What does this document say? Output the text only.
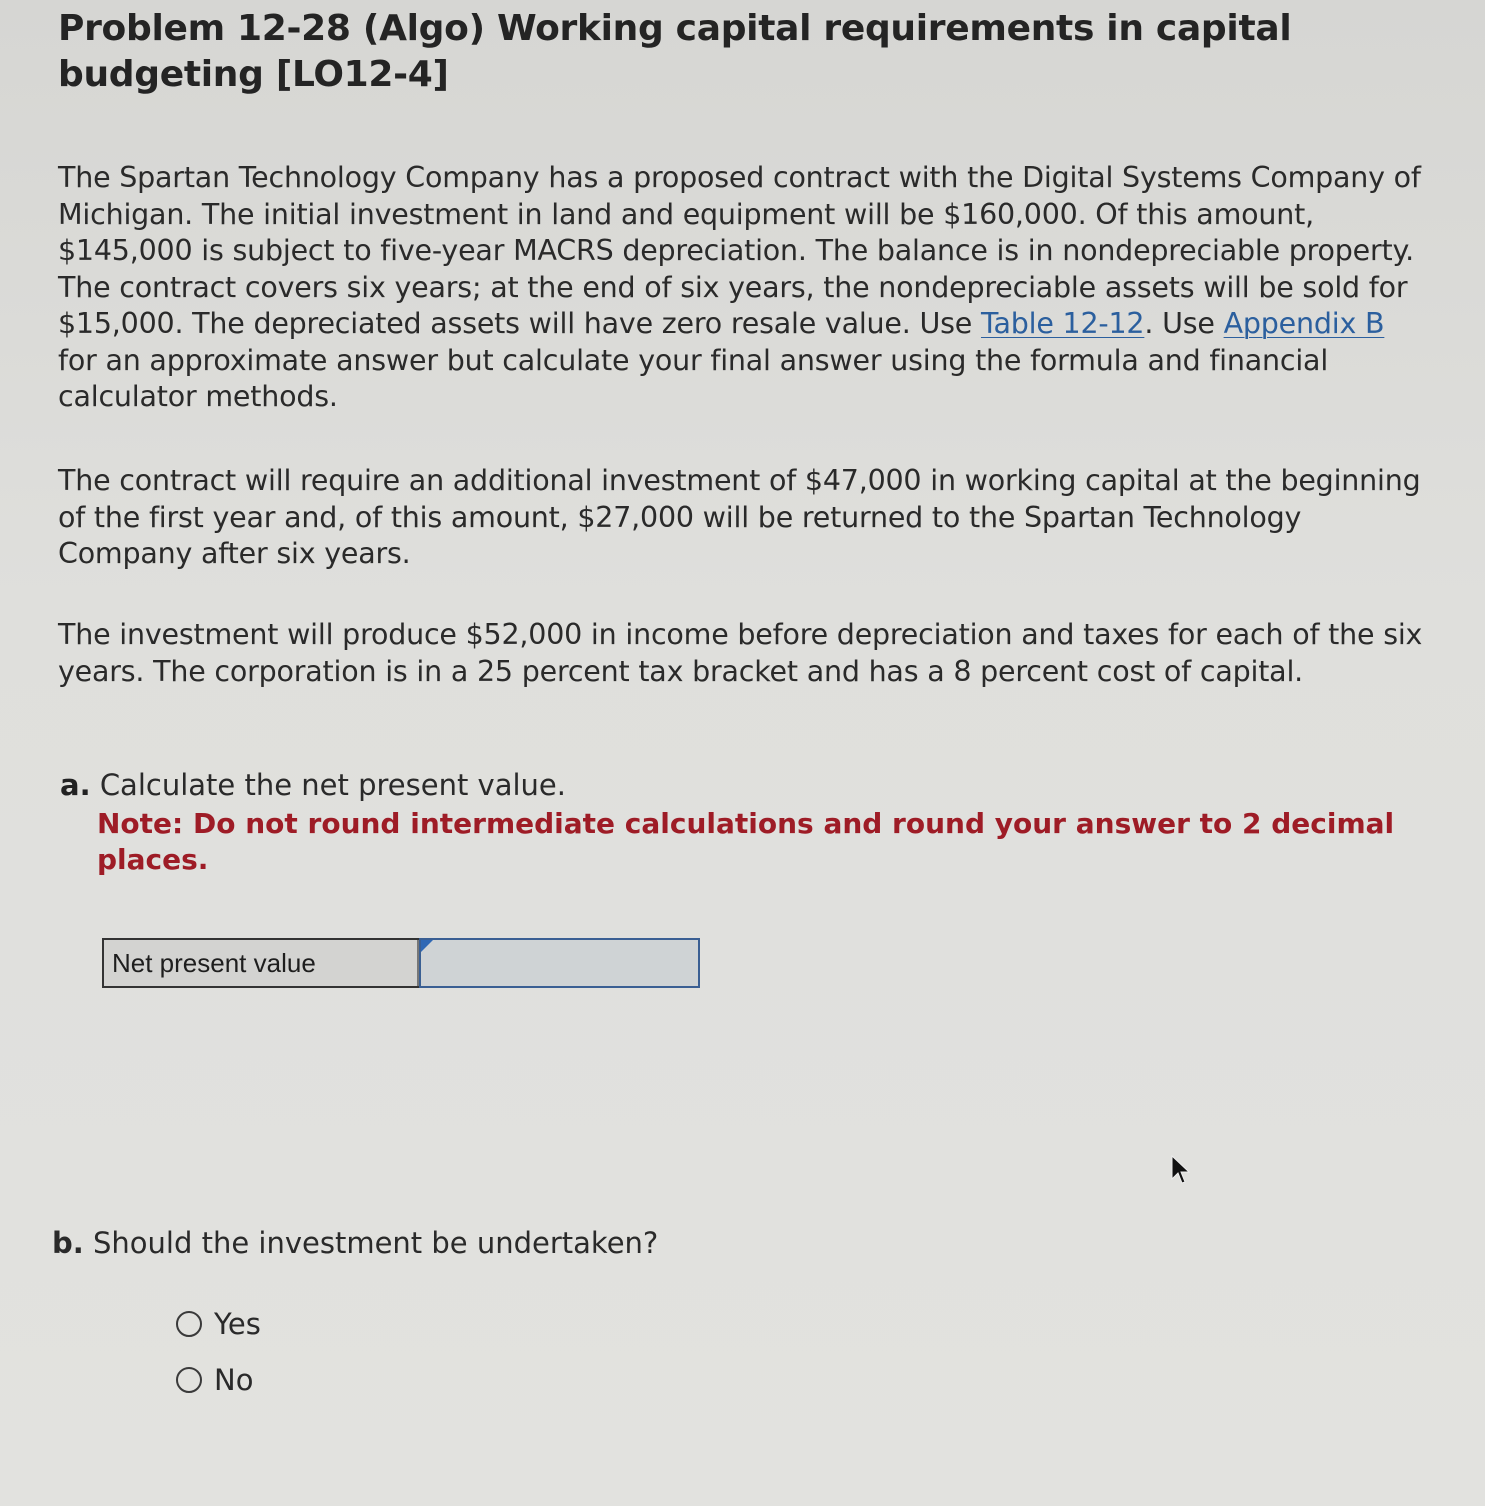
Problem 12-28 (Algo) Working capital requirements in capital budgeting [LO12-4]
The Spartan Technology Company has a proposed contract with the Digital Systems Company of Michigan. The initial investment in land and equipment will be $160,000. Of this amount, $145,000 is subject to five-year MACRS depreciation. The balance is in nondepreciable property. The contract covers six years; at the end of six years, the nondepreciable assets will be sold for $15,000. The depreciated assets will have zero resale value. Use Table 12-12. Use Appendix B for an approximate answer but calculate your final answer using the formula and financial calculator methods.
The contract will require an additional investment of $47,000 in working capital at the beginning of the first year and, of this amount, $27,000 will be returned to the Spartan Technology Company after six years.
The investment will produce $52,000 in income before depreciation and taxes for each of the six years. The corporation is in a 25 percent tax bracket and has a 8 percent cost of capital.
a. Calculate the net present value.
Note: Do not round intermediate calculations and round your answer to 2 decimal places.
Net present value
b. Should the investment be undertaken?
Yes
No
